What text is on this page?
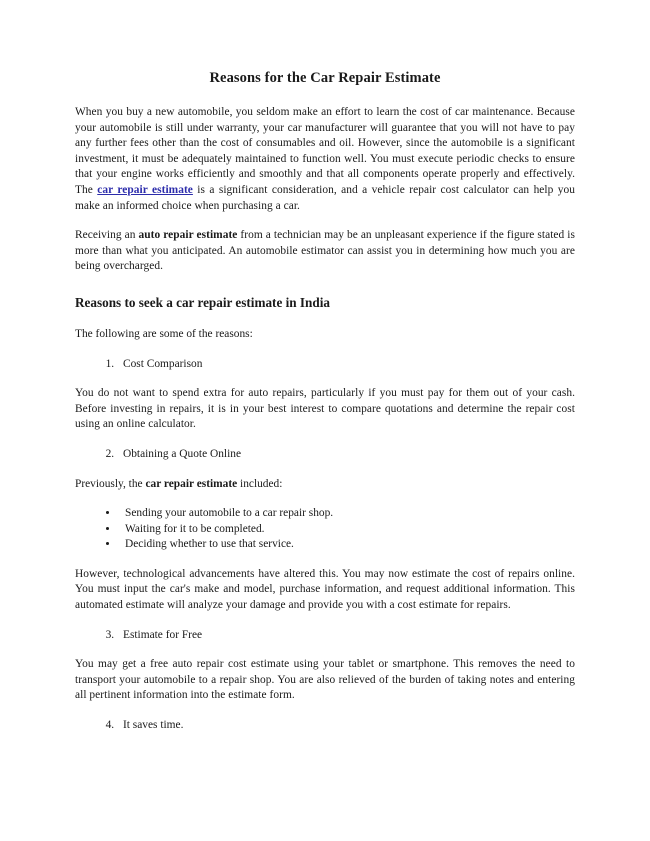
Reasons for the Car Repair Estimate

When you buy a new automobile, you seldom make an effort to learn the cost of car maintenance. Because your automobile is still under warranty, your car manufacturer will guarantee that you will not have to pay any further fees other than the cost of consumables and oil. However, since the automobile is a significant investment, it must be adequately maintained to function well. You must execute periodic checks to ensure that your engine works efficiently and smoothly and that all components operate properly and effectively. The car repair estimate is a significant consideration, and a vehicle repair cost calculator can help you make an informed choice when purchasing a car.

Receiving an auto repair estimate from a technician may be an unpleasant experience if the figure stated is more than what you anticipated. An automobile estimator can assist you in determining how much you are being overcharged.

Reasons to seek a car repair estimate in India

The following are some of the reasons:

1. Cost Comparison

You do not want to spend extra for auto repairs, particularly if you must pay for them out of your cash. Before investing in repairs, it is in your best interest to compare quotations and determine the repair cost using an online calculator.

2. Obtaining a Quote Online

Previously, the car repair estimate included:

• Sending your automobile to a car repair shop.
• Waiting for it to be completed.
• Deciding whether to use that service.

However, technological advancements have altered this. You may now estimate the cost of repairs online. You must input the car's make and model, purchase information, and request additional information. This automated estimate will analyze your damage and provide you with a cost estimate for repairs.

3. Estimate for Free

You may get a free auto repair cost estimate using your tablet or smartphone. This removes the need to transport your automobile to a repair shop. You are also relieved of the burden of taking notes and entering all pertinent information into the estimate form.

4. It saves time.
